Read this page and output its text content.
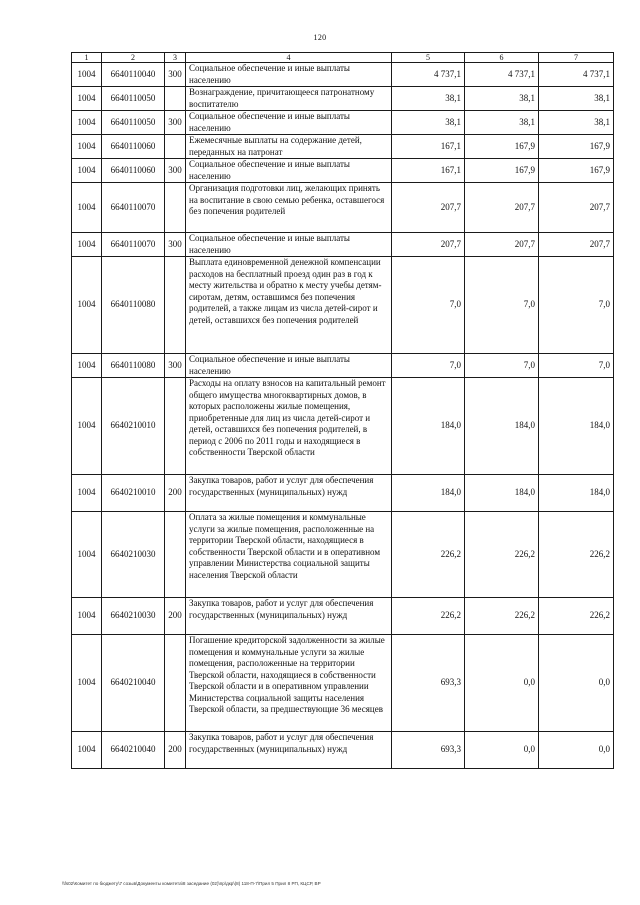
120
1	2	3	4	5	6	7
1004	6640110040	300	Социальное обеспечение и иные выплаты населению	4 737,1	4 737,1	4 737,1
1004	6640110050		Вознаграждение, причитающееся патронатному воспитателю	38,1	38,1	38,1
1004	6640110050	300	Социальное обеспечение и иные выплаты населению	38,1	38,1	38,1
1004	6640110060		Ежемесячные выплаты на содержание детей, переданных на патронат	167,1	167,9	167,9
1004	6640110060	300	Социальное обеспечение и иные выплаты населению	167,1	167,9	167,9
1004	6640110070		Организация подготовки лиц, желающих принять на воспитание в свою семью ребенка, оставшегося без попечения родителей	207,7	207,7	207,7
1004	6640110070	300	Социальное обеспечение и иные выплаты населению	207,7	207,7	207,7
1004	6640110080		Выплата единовременной денежной компенсации расходов на бесплатный проезд один раз в год к месту жительства и обратно к месту учебы детям-сиротам, детям, оставшимся без попечения родителей, а также лицам из числа детей-сирот и детей, оставшихся без попечения родителей	7,0	7,0	7,0
1004	6640110080	300	Социальное обеспечение и иные выплаты населению	7,0	7,0	7,0
1004	6640210010		Расходы на оплату взносов на капитальный ремонт общего имущества многоквартирных домов, в которых расположены жилые помещения, приобретенные для лиц из числа детей-сирот и детей, оставшихся без попечения родителей, в период с 2006 по 2011 годы и находящиеся в собственности Тверской области	184,0	184,0	184,0
1004	6640210010	200	Закупка товаров, работ и услуг для обеспечения государственных (муниципальных) нужд	184,0	184,0	184,0
1004	6640210030		Оплата за жилые помещения и коммунальные услуги за жилые помещения, расположенные на территории Тверской области, находящиеся в собственности Тверской области и в оперативном управлении Министерства социальной защиты населения Тверской области	226,2	226,2	226,2
1004	6640210030	200	Закупка товаров, работ и услуг для обеспечения государственных (муниципальных) нужд	226,2	226,2	226,2
1004	6640210040		Погашение кредиторской задолженности за жилые помещения и коммунальные услуги за жилые помещения, расположенные на территории Тверской области, находящиеся в собственности Тверской области и в оперативном управлении Министерства социальной защиты населения Тверской области, за предшествующие 36 месяцев	693,3	0,0	0,0
1004	6640210040	200	Закупка товаров, работ и услуг для обеспечения государственных (муниципальных) нужд	693,3	0,0	0,0
\\fs02\Комитет по бюджету\7 созыв\Документы комитета\8 заседание (02)\пр\дкр\(8) 118-П-7\Прил 5 Прил 8 РП, КЦСР, ВР
